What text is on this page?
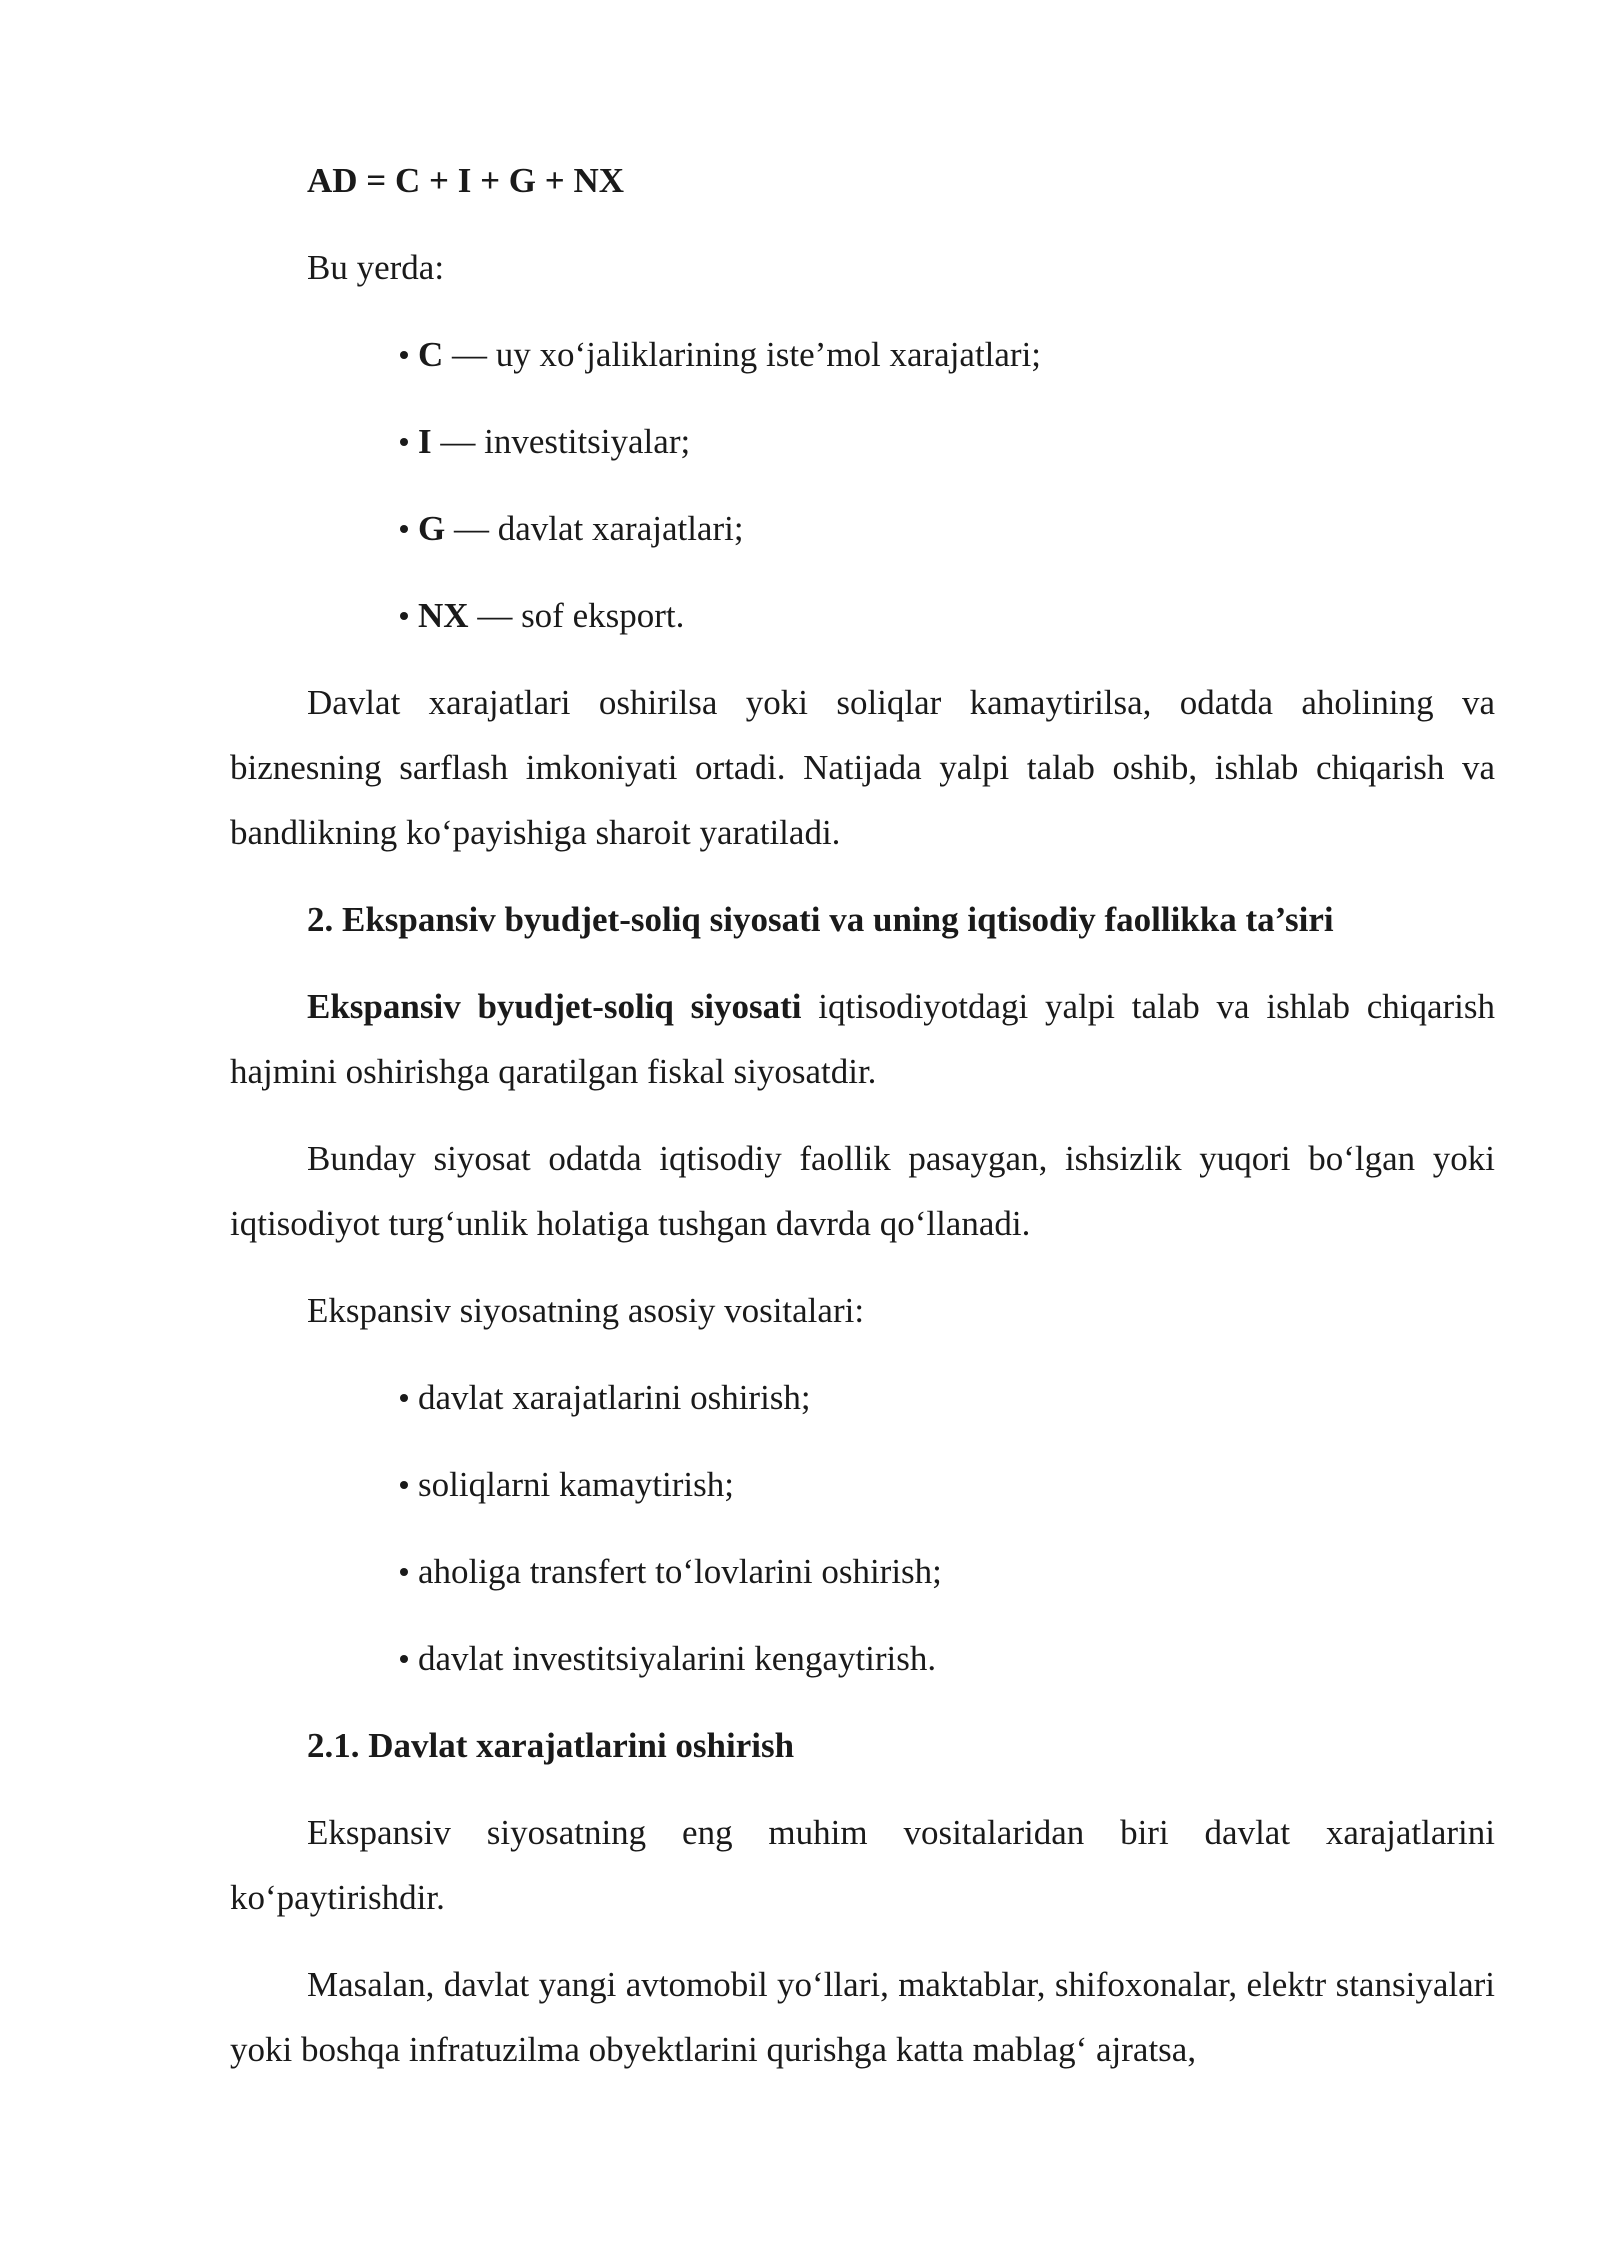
AD = C + I + G + NX

Bu yerda:

C — uy xo‘jaliklarining iste’mol xarajatlari;
I — investitsiyalar;
G — davlat xarajatlari;
NX — sof eksport.

Davlat xarajatlari oshirilsa yoki soliqlar kamaytirilsa, odatda aholining va biznesning sarflash imkoniyati ortadi. Natijada yalpi talab oshib, ishlab chiqarish va bandlikning ko‘payishiga sharoit yaratiladi.

2. Ekspansiv byudjet-soliq siyosati va uning iqtisodiy faollikka ta’siri

Ekspansiv byudjet-soliq siyosati iqtisodiyotdagi yalpi talab va ishlab chiqarish hajmini oshirishga qaratilgan fiskal siyosatdir.

Bunday siyosat odatda iqtisodiy faollik pasaygan, ishsizlik yuqori bo‘lgan yoki iqtisodiyot turg‘unlik holatiga tushgan davrda qo‘llanadi.

Ekspansiv siyosatning asosiy vositalari:

davlat xarajatlarini oshirish;
soliqlarni kamaytirish;
aholiga transfert to‘lovlarini oshirish;
davlat investitsiyalarini kengaytirish.

2.1. Davlat xarajatlarini oshirish

Ekspansiv siyosatning eng muhim vositalaridan biri davlat xarajatlarini ko‘paytirishdir.

Masalan, davlat yangi avtomobil yo‘llari, maktablar, shifoxonalar, elektr stansiyalari yoki boshqa infratuzilma obyektlarini qurishga katta mablag‘ ajratsa,
